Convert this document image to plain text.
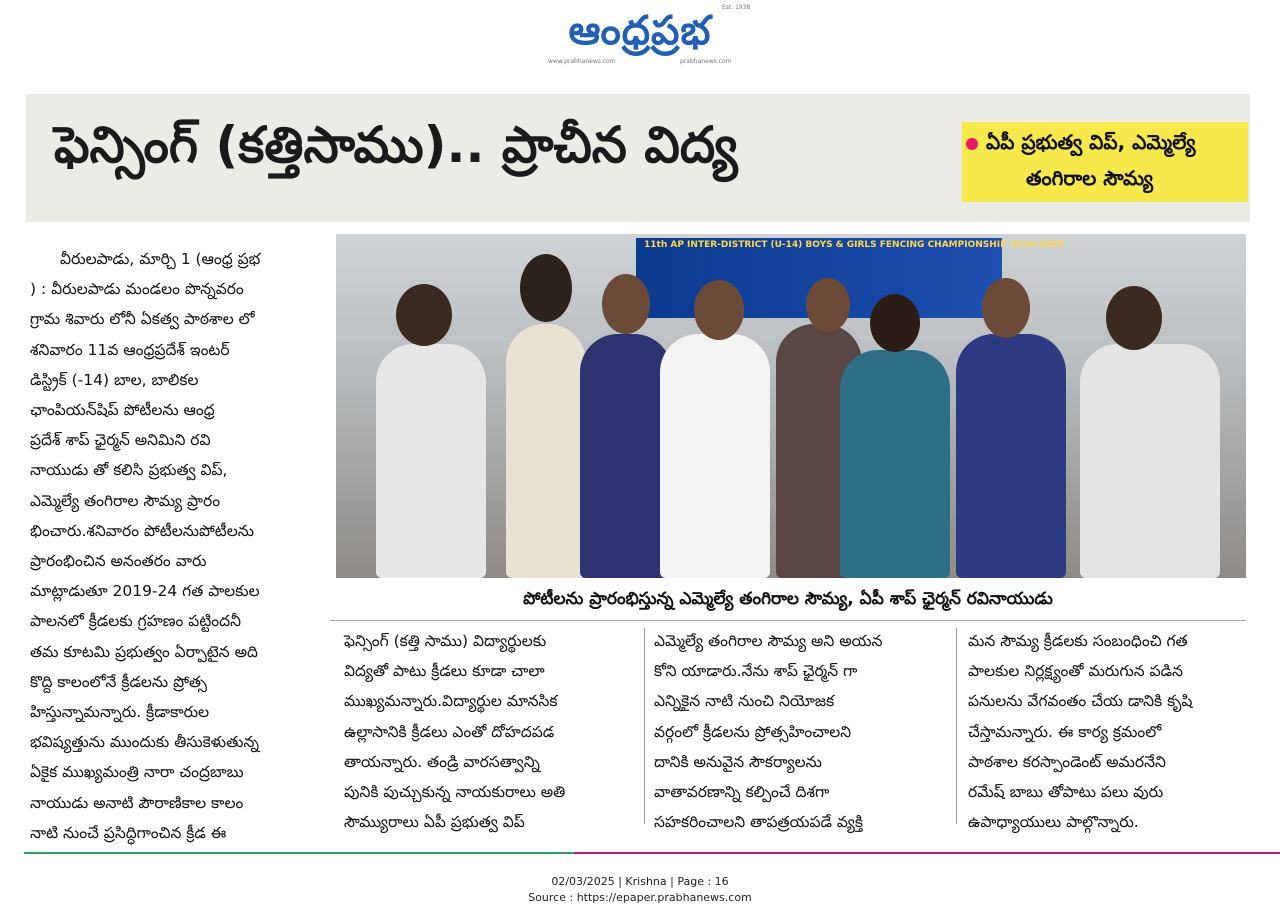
Est. 1938
ఆంధ్రప్రభ
www.prabhanews.com	prabhanews.com
ఫెన్సింగ్ (కత్తిసాము).. ప్రాచీన విద్య	ఏపీ ప్రభుత్వ విప్, ఎమ్మెల్యే
తంగిరాల సౌమ్య

వీరులపాడు, మార్చి 1 (ఆంధ్ర ప్రభ

) : వీరులపాడు మండలం పొన్నవరం

గ్రామ శివారు లోనీ ఏకత్వ పాఠశాల లో

శనివారం 11వ ఆంధ్రప్రదేశ్ ఇంటర్

డిస్ట్రిక్ (-14) బాల, బాలికల

ఛాంపియన్‌షిప్ పోటీలను ఆంధ్ర

ప్రదేశ్ శాప్ ఛైర్మన్ అనిమిని రవి

నాయుడు తో కలిసి ప్రభుత్వ విప్,

ఎమ్మెల్యే తంగిరాల సౌమ్య ప్రారం

భించారు.శనివారం పోటీలనుపోటీలను

ప్రారంభించిన అనంతరం వారు

మాట్లాడుతూ 2019-24 గత పాలకుల

పాలనలో క్రీడలకు గ్రహణం పట్టిందనీ

తమ కూటమి ప్రభుత్వం ఏర్పాటైన అది

కొద్ది కాలంలోనే క్రీడలను ప్రోత్స

హిస్తున్నామన్నారు. క్రీడాకారుల

భవిష్యత్తును ముందుకు తీసుకెళుతున్న

ఏకైక ముఖ్యమంత్రి నారా చంద్రబాబు

నాయుడు అనాటి పౌరాణికాల కాలం

నాటి నుంచే ప్రసిద్ధిగాంచిన క్రీడ ఈ

11th AP INTER-DISTRICT (U-14) BOYS & GIRLS FENCING CHAMPIONSHIP 2024-2025
పోటీలను ప్రారంభిస్తున్న ఎమ్మెల్యే తంగిరాల సౌమ్య, ఏపీ శాప్ ఛైర్మన్ రవినాయుడు

ఫెన్సింగ్ (కత్తి సాము) విద్యార్థులకు

విద్యతో పాటు క్రీడలు కూడా చాలా

ముఖ్యమన్నారు.విద్యార్థుల మానసిక

ఉల్లాసానికి క్రీడలు ఎంతో దోహదపడ

తాయన్నారు. తండ్రి వారసత్వాన్ని

పునికి పుచ్చుకున్న నాయకురాలు అతి

సౌమ్యురాలు ఏపీ ప్రభుత్వ విప్

ఎమ్మెల్యే తంగిరాల సౌమ్య అని అయన

కోని యాడారు.నేను శాప్ ఛైర్మన్ గా

ఎన్నికైన నాటి నుంచి నియోజక

వర్గంలో క్రీడలను ప్రోత్సహించాలని

దానికి అనువైన సౌకర్యాలను

వాతావరణాన్ని కల్పించే దిశగా

సహకరించాలని తాపత్రయపడే వ్యక్తి

మన సౌమ్య క్రీడలకు సంబంధించి గత

పాలకుల నిర్లక్ష్యంతో మరుగున పడిన

పనులను వేగవంతం చేయ డానికి కృషి

చేస్తామన్నారు. ఈ కార్య క్రమంలో

పాఠశాల కరస్పాండెంట్ అమరనేని

రమేష్ బాబు తోపాటు పలు వురు

ఉపాధ్యాయులు పాల్గొన్నారు.

02/03/2025 | Krishna | Page : 16
Source : https://epaper.prabhanews.com
